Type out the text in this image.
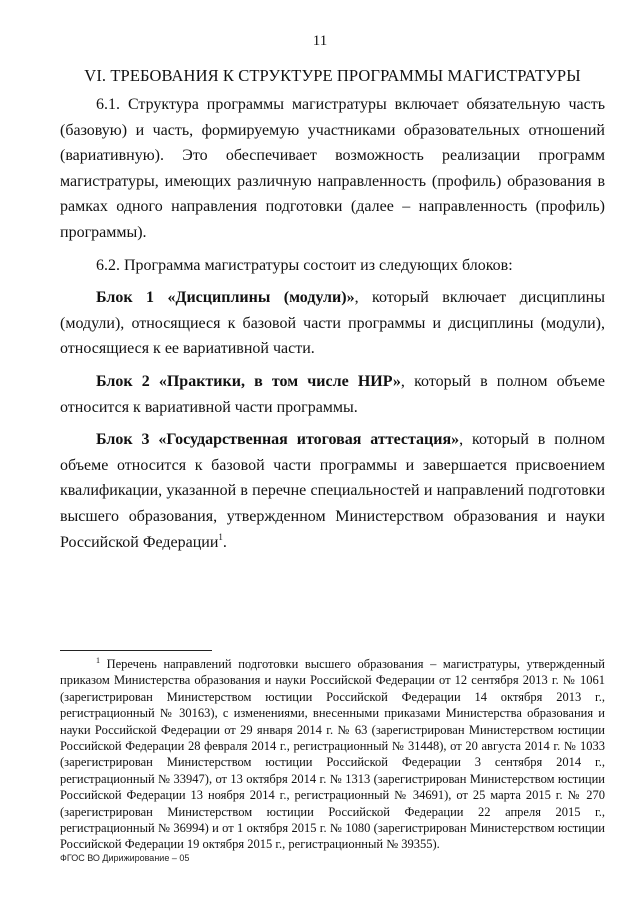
11
VI. ТРЕБОВАНИЯ К СТРУКТУРЕ ПРОГРАММЫ МАГИСТРАТУРЫ

6.1. Структура программы магистратуры включает обязательную часть (базовую) и часть, формируемую участниками образовательных отношений (вариативную). Это обеспечивает возможность реализации программ магистратуры, имеющих различную направленность (профиль) образования в рамках одного направления подготовки (далее – направленность (профиль) программы).

6.2. Программа магистратуры состоит из следующих блоков:

Блок 1 «Дисциплины (модули)», который включает дисциплины (модули), относящиеся к базовой части программы и дисциплины (модули), относящиеся к ее вариативной части.

Блок 2 «Практики, в том числе НИР», который в полном объеме относится к вариативной части программы.

Блок 3 «Государственная итоговая аттестация», который в полном объеме относится к базовой части программы и завершается присвоением квалификации, указанной в перечне специальностей и направлений подготовки высшего образования, утвержденном Министерством образования и науки Российской Федерации$^1$.

$^1$ Перечень направлений подготовки высшего образования – магистратуры, утвержденный приказом Министерства образования и науки Российской Федерации от 12 сентября 2013 г. № 1061 (зарегистрирован Министерством юстиции Российской Федерации 14 октября 2013 г., регистрационный № 30163), с изменениями, внесенными приказами Министерства образования и науки Российской Федерации от 29 января 2014 г. № 63 (зарегистрирован Министерством юстиции Российской Федерации 28 февраля 2014 г., регистрационный № 31448), от 20 августа 2014 г. № 1033 (зарегистрирован Министерством юстиции Российской Федерации 3 сентября 2014 г., регистрационный № 33947), от 13 октября 2014 г. № 1313 (зарегистрирован Министерством юстиции Российской Федерации 13 ноября 2014 г., регистрационный № 34691), от 25 марта 2015 г. № 270 (зарегистрирован Министерством юстиции Российской Федерации 22 апреля 2015 г., регистрационный № 36994) и от 1 октября 2015 г. № 1080 (зарегистрирован Министерством юстиции Российской Федерации 19 октября 2015 г., регистрационный № 39355).

ФГОС ВО Дирижирование – 05
